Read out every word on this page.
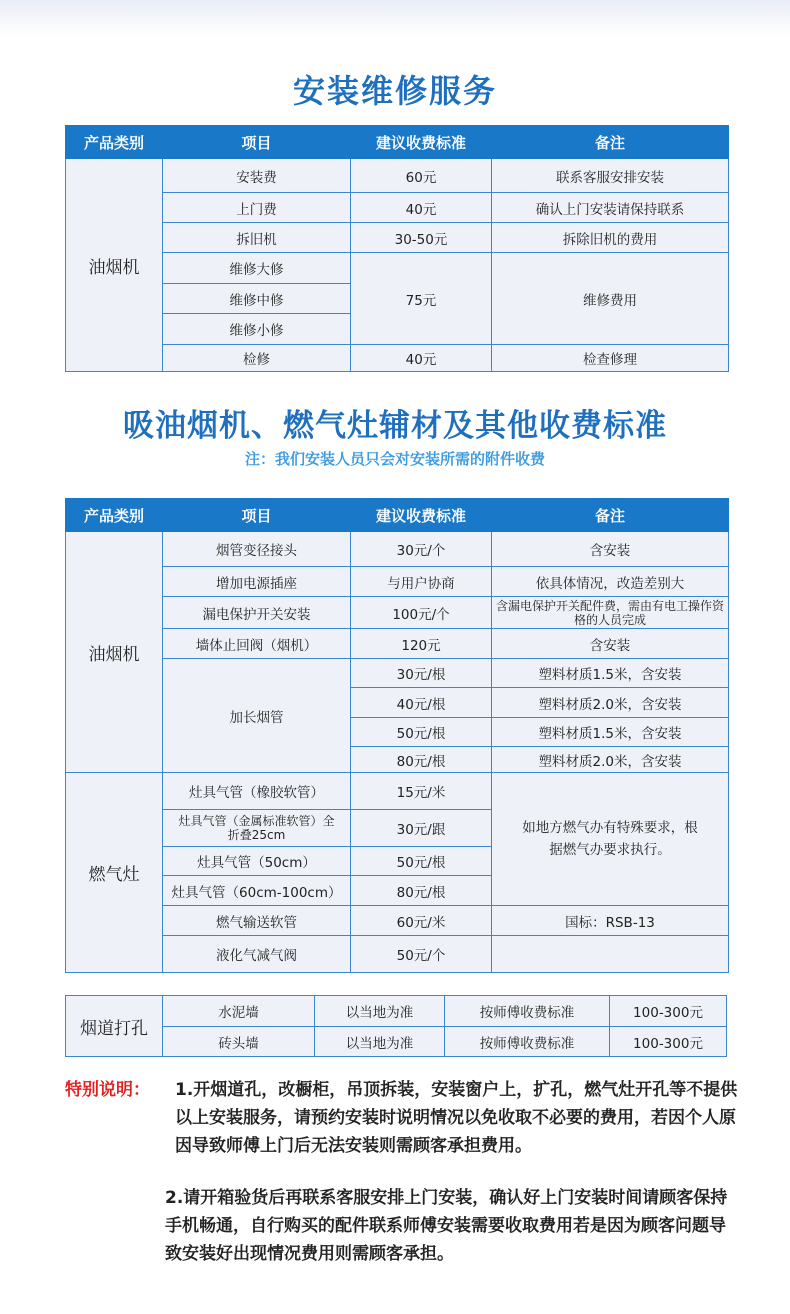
安装维修服务
产品类别	项目	建议收费标准	备注
油烟机	安装费	60元	联系客服安排安装
	上门费	40元	确认上门安装请保持联系
	拆旧机	30-50元	拆除旧机的费用
	维修大修	75元	维修费用
	维修中修		
	维修小修		
	检修	40元	检查修理
吸油烟机、燃气灶辅材及其他收费标准
注：我们安装人员只会对安装所需的附件收费
产品类别	项目	建议收费标准	备注
油烟机	烟管变径接头	30元/个	含安装
	增加电源插座	与用户协商	依具体情况，改造差别大
	漏电保护开关安装	100元/个	含漏电保护开关配件费，需由有电工操作资格的人员完成
	墙体止回阀（烟机）	120元	含安装
	加长烟管	30元/根	塑料材质1.5米，含安装
		40元/根	塑料材质2.0米，含安装
		50元/根	塑料材质1.5米，含安装
		80元/根	塑料材质2.0米，含安装
燃气灶	灶具气管（橡胶软管）	15元/米	如地方燃气办有特殊要求，根据燃气办要求执行。
	灶具气管（金属标准软管）全折叠25cm	30元/跟	
	灶具气管（50cm）	50元/根	
	灶具气管（60cm-100cm）	80元/根	
	燃气输送软管	60元/米	国标：RSB-13
	液化气减气阀	50元/个	
烟道打孔	水泥墙	以当地为准	按师傅收费标准	100-300元
	砖头墙	以当地为准	按师傅收费标准	100-300元
特别说明： 1.开烟道孔，改橱柜，吊顶拆装，安装窗户上，扩孔，燃气灶开孔等不提供以上安装服务，请预约安装时说明情况以免收取不必要的费用，若因个人原因导致师傅上门后无法安装则需顾客承担费用。
2.请开箱验货后再联系客服安排上门安装，确认好上门安装时间请顾客保持手机畅通，自行购买的配件联系师傅安装需要收取费用若是因为顾客问题导致安装好出现情况费用则需顾客承担。
